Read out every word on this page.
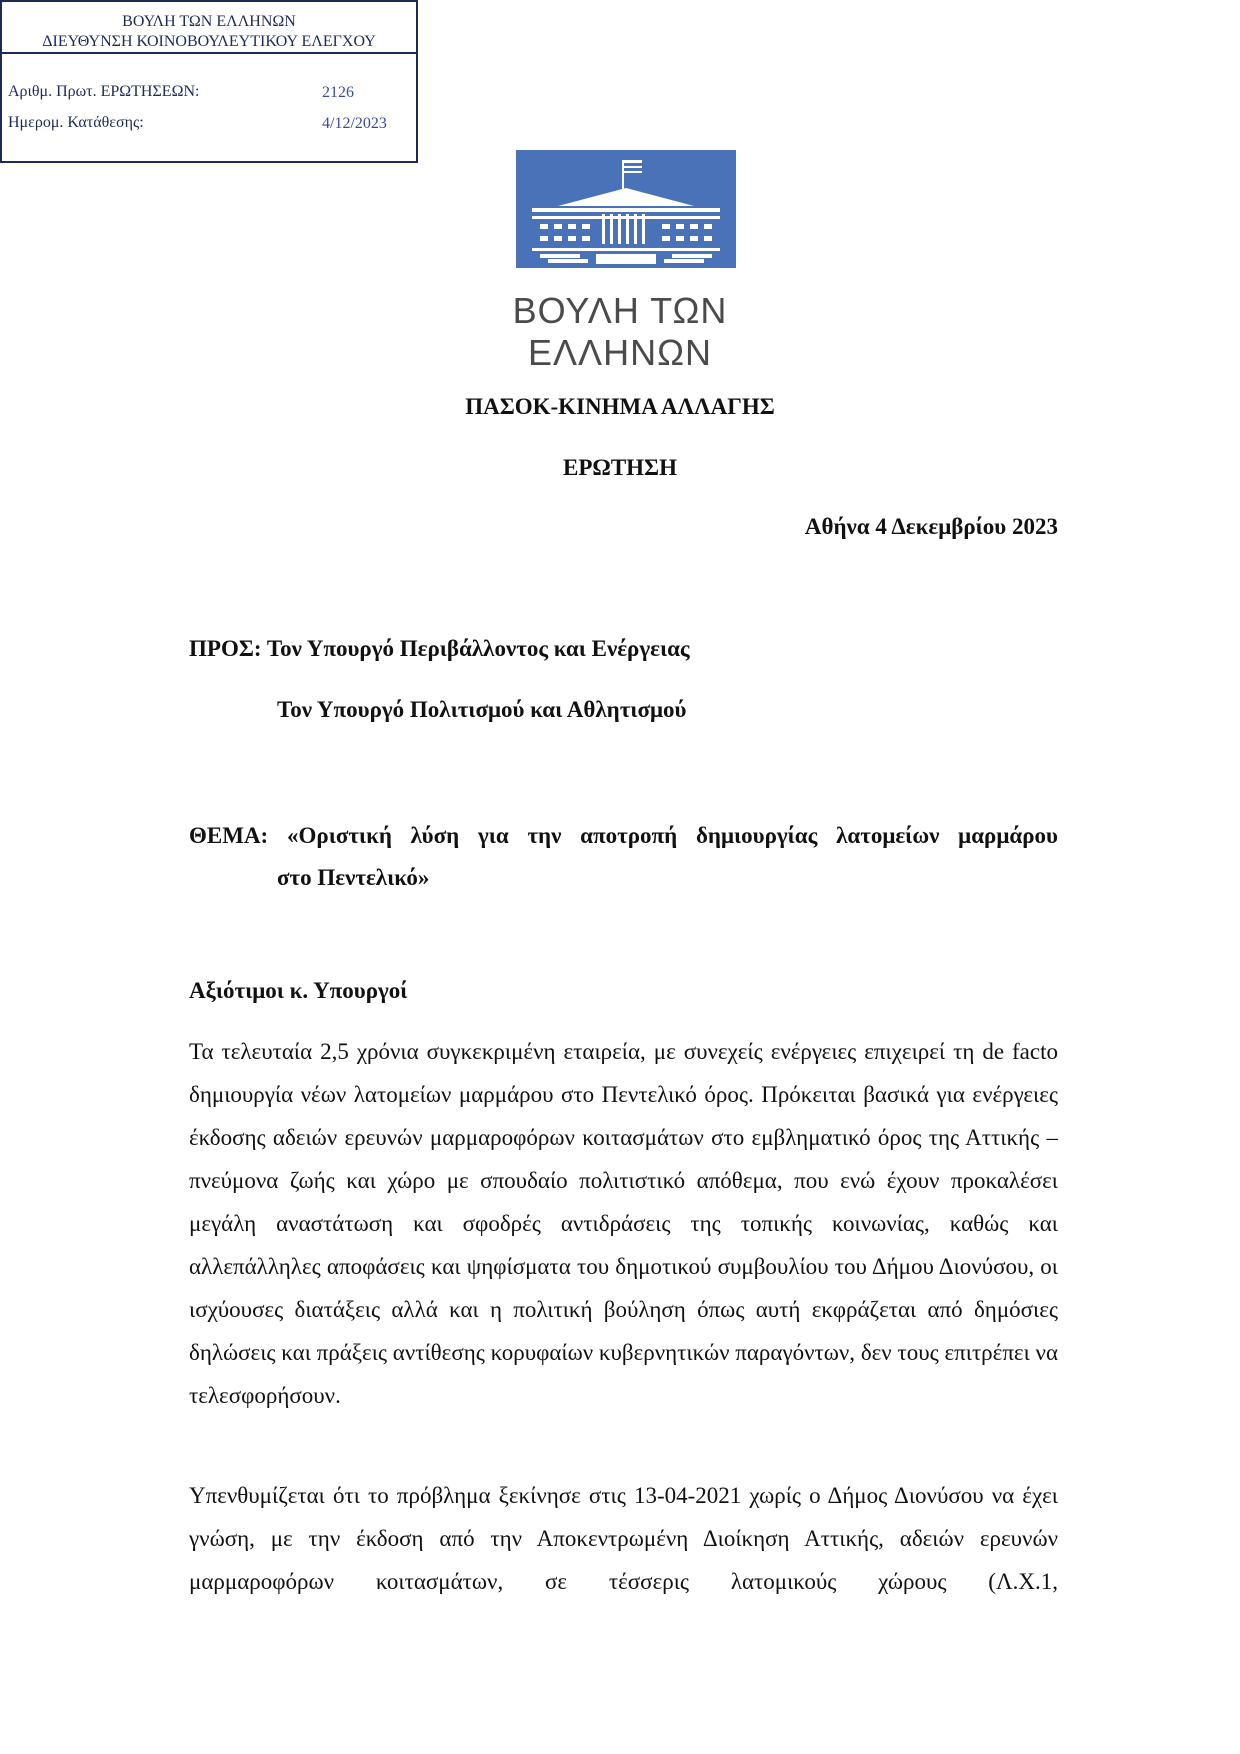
ΒΟΥΛΗ ΤΩΝ ΕΛΛΗΝΩΝ
ΔΙΕΥΘΥΝΣΗ ΚΟΙΝΟΒΟΥΛΕΥΤΙΚΟΥ ΕΛΕΓΧΟΥ
Αριθμ. Πρωτ. ΕΡΩΤΗΣΕΩΝ:	2126
Ημερομ. Κατάθεσης:	4/12/2023
ΒΟΥΛΗ ΤΩΝ ΕΛΛΗΝΩΝ
ΠΑΣΟΚ-ΚΙΝΗΜΑ ΑΛΛΑΓΗΣ
ΕΡΩΤΗΣΗ
Αθήνα 4 Δεκεμβρίου 2023
ΠΡΟΣ: Τον Υπουργό Περιβάλλοντος και Ενέργειας
Τον Υπουργό Πολιτισμού και Αθλητισμού
ΘΕΜΑ: «Οριστική λύση για την αποτροπή δημιουργίας λατομείων μαρμάρου
στο Πεντελικό»
Αξιότιμοι κ. Υπουργοί
Τα τελευταία 2,5 χρόνια συγκεκριμένη εταιρεία, με συνεχείς ενέργειες επιχειρεί τη de facto δημιουργία νέων λατομείων μαρμάρου στο Πεντελικό όρος. Πρόκειται βασικά για ενέργειες έκδοσης αδειών ερευνών μαρμαροφόρων κοιτασμάτων στο εμβληματικό όρος της Αττικής – πνεύμονα ζωής και χώρο με σπουδαίο πολιτιστικό απόθεμα, που ενώ έχουν προκαλέσει μεγάλη αναστάτωση και σφοδρές αντιδράσεις της τοπικής κοινωνίας, καθώς και αλλεπάλληλες αποφάσεις και ψηφίσματα του δημοτικού συμβουλίου του Δήμου Διονύσου, οι ισχύουσες διατάξεις αλλά και η πολιτική βούληση όπως αυτή εκφράζεται από δημόσιες δηλώσεις και πράξεις αντίθεσης κορυφαίων κυβερνητικών παραγόντων, δεν τους επιτρέπει να τελεσφορήσουν.
Υπενθυμίζεται ότι το πρόβλημα ξεκίνησε στις 13-04-2021 χωρίς ο Δήμος Διονύσου να έχει γνώση, με την έκδοση από την Αποκεντρωμένη Διοίκηση Αττικής, αδειών ερευνών μαρμαροφόρων κοιτασμάτων, σε τέσσερις λατομικούς χώρους (Λ.Χ.1,
